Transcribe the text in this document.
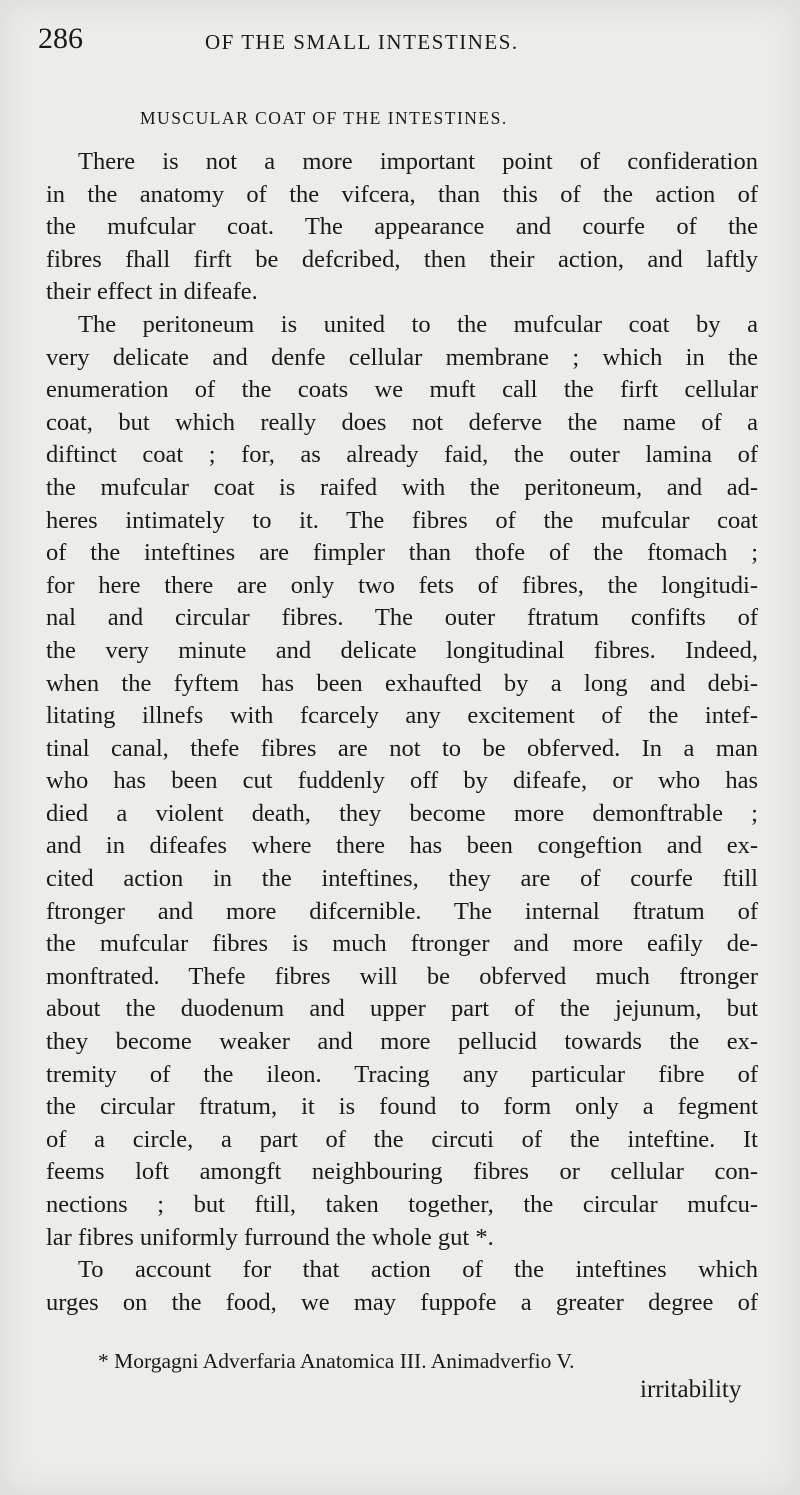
286	OF THE SMALL INTESTINES.
MUSCULAR COAT OF THE INTESTINES.
There is not a more important point of confideration
in the anatomy of the vifcera, than this of the action of
the mufcular coat. The appearance and courfe of the
fibres fhall firft be defcribed, then their action, and laftly
their effect in difeafe.
The peritoneum is united to the mufcular coat by a
very delicate and denfe cellular membrane ; which in the
enumeration of the coats we muft call the firft cellular
coat, but which really does not deferve the name of a
diftinct coat ; for, as already faid, the outer lamina of
the mufcular coat is raifed with the peritoneum, and ad-
heres intimately to it. The fibres of the mufcular coat
of the inteftines are fimpler than thofe of the ftomach ;
for here there are only two fets of fibres, the longitudi-
nal and circular fibres. The outer ftratum confifts of
the very minute and delicate longitudinal fibres. Indeed,
when the fyftem has been exhaufted by a long and debi-
litating illnefs with fcarcely any excitement of the intef-
tinal canal, thefe fibres are not to be obferved. In a man
who has been cut fuddenly off by difeafe, or who has
died a violent death, they become more demonftrable ;
and in difeafes where there has been congeftion and ex-
cited action in the inteftines, they are of courfe ftill
ftronger and more difcernible. The internal ftratum of
the mufcular fibres is much ftronger and more eafily de-
monftrated. Thefe fibres will be obferved much ftronger
about the duodenum and upper part of the jejunum, but
they become weaker and more pellucid towards the ex-
tremity of the ileon. Tracing any particular fibre of
the circular ftratum, it is found to form only a fegment
of a circle, a part of the circuti of the inteftine. It
feems loft amongft neighbouring fibres or cellular con-
nections ; but ftill, taken together, the circular mufcu-
lar fibres uniformly furround the whole gut *.
To account for that action of the inteftines which
urges on the food, we may fuppofe a greater degree of
* Morgagni Adverfaria Anatomica III. Animadverfio V.
irritability
